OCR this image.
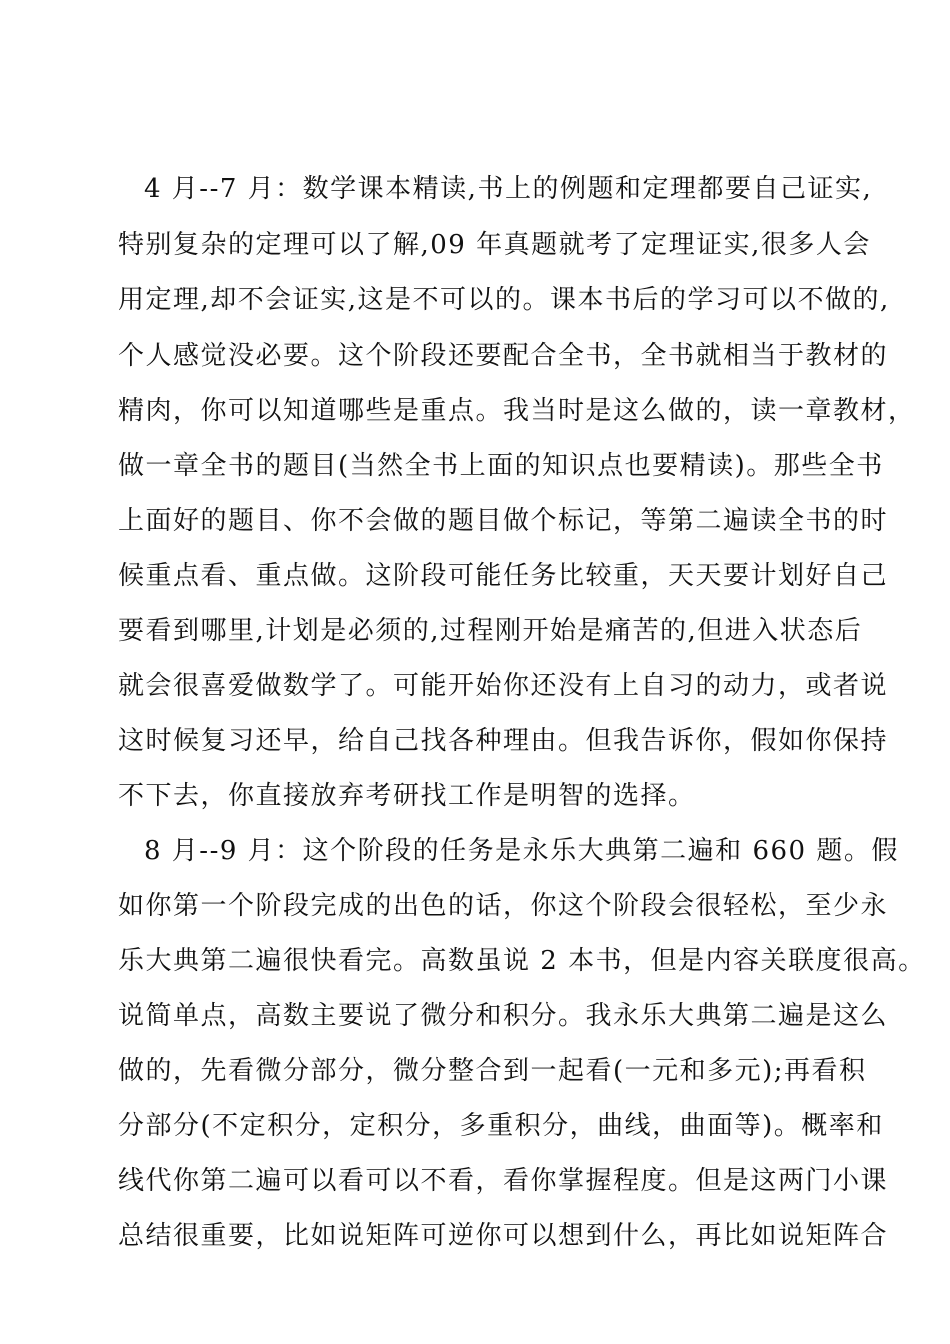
4 月--7 月：数学课本精读,书上的例题和定理都要自己证实,
特别复杂的定理可以了解,09 年真题就考了定理证实,很多人会
用定理,却不会证实,这是不可以的。课本书后的学习可以不做的,
个人感觉没必要。这个阶段还要配合全书，全书就相当于教材的
精肉，你可以知道哪些是重点。我当时是这么做的，读一章教材，
做一章全书的题目(当然全书上面的知识点也要精读)。那些全书
上面好的题目、你不会做的题目做个标记，等第二遍读全书的时
候重点看、重点做。这阶段可能任务比较重，天天要计划好自己
要看到哪里,计划是必须的,过程刚开始是痛苦的,但进入状态后
就会很喜爱做数学了。可能开始你还没有上自习的动力，或者说
这时候复习还早，给自己找各种理由。但我告诉你，假如你保持
不下去，你直接放弃考研找工作是明智的选择。
8 月--9 月：这个阶段的任务是永乐大典第二遍和 660 题。假
如你第一个阶段完成的出色的话，你这个阶段会很轻松，至少永
乐大典第二遍很快看完。高数虽说 2 本书，但是内容关联度很高。
说简单点，高数主要说了微分和积分。我永乐大典第二遍是这么
做的，先看微分部分，微分整合到一起看(一元和多元);再看积
分部分(不定积分，定积分，多重积分，曲线，曲面等)。概率和
线代你第二遍可以看可以不看，看你掌握程度。但是这两门小课
总结很重要，比如说矩阵可逆你可以想到什么，再比如说矩阵合
